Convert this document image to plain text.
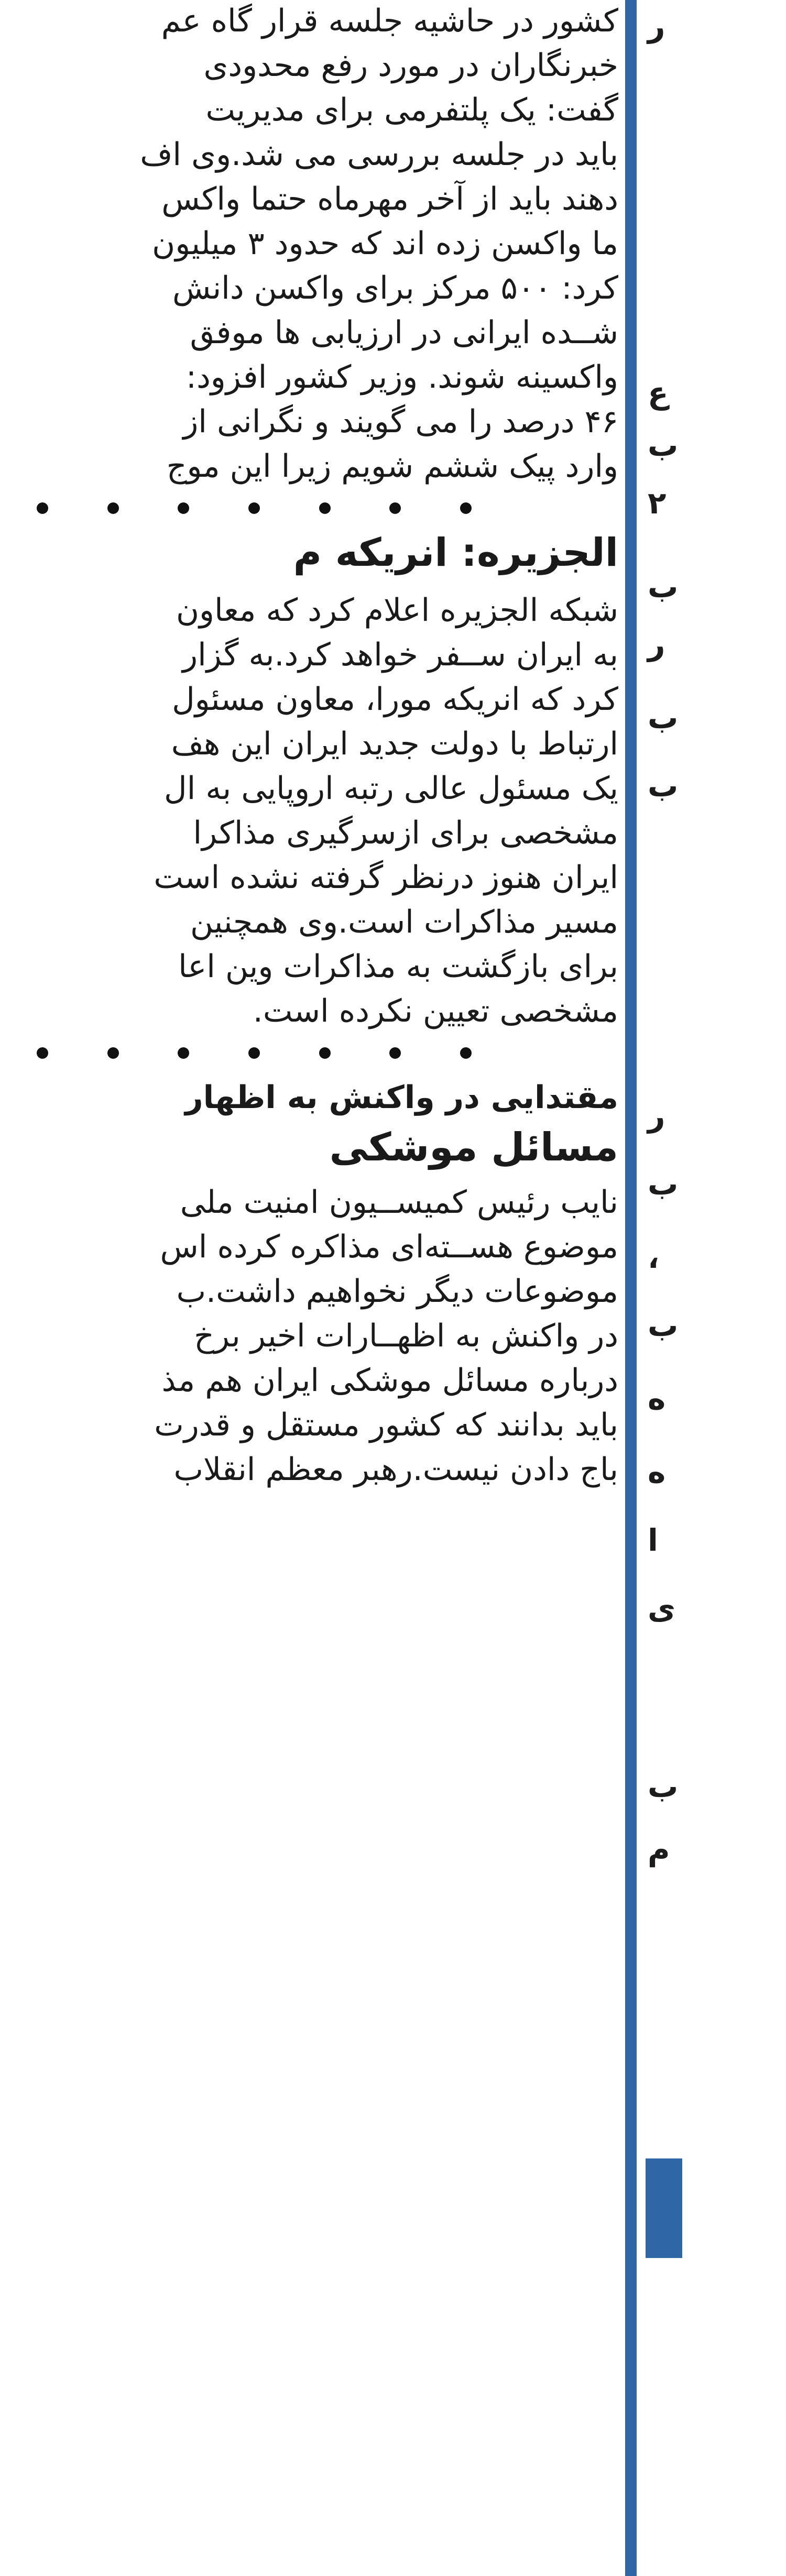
کشور در حاشیه جلسه قرار گاه عم
خبرنگاران در مورد رفع محدودی
گفت: یک پلتفرمی برای مدیریت
باید در جلسه بررسی می شد.وی اف
دهند باید از آخر مهرماه حتما واکس
ما واکسن زده اند که حدود ۳ میلیون
کرد: ۵۰۰ مرکز برای واکسن دانش
شــده ایرانی در ارزیابی ها موفق
واکسینه شوند. وزیر کشور افزود:
۴۶ درصد را می گویند و نگرانی از
وارد پیک ششم شویم زیرا این موج
الجزیره: انریکه م
شبکه الجزیره اعلام کرد که معاون
به ایران ســفر خواهد کرد.به گزار
کرد که انریکه مورا، معاون مسئول
ارتباط با دولت جدید ایران این هف
یک مسئول عالی رتبه اروپایی به ال
مشخصی برای ازسرگیری مذاکرا
ایران هنوز درنظر گرفته نشده است
مسیر مذاکرات است.وی همچنین
برای بازگشت به مذاکرات وین اعا
مشخصی تعیین نکرده است.
مقتدایی در واکنش به اظهار
مسائل موشکی
نایب رئیس کمیســیون امنیت ملی
موضوع هســته‌ای مذاکره کرده اس
موضوعات دیگر نخواهیم داشت.ب
در واکنش به اظهــارات اخیر برخ
درباره مسائل موشکی ایران هم مذ
باید بدانند که کشور مستقل و قدرت
باج دادن نیست.رهبر معظم انقلاب
ر
ع
ب
۲
ب
ر
ب
ب
ر
ب
،
ب
ه
ه
ا
ی
ب
م
